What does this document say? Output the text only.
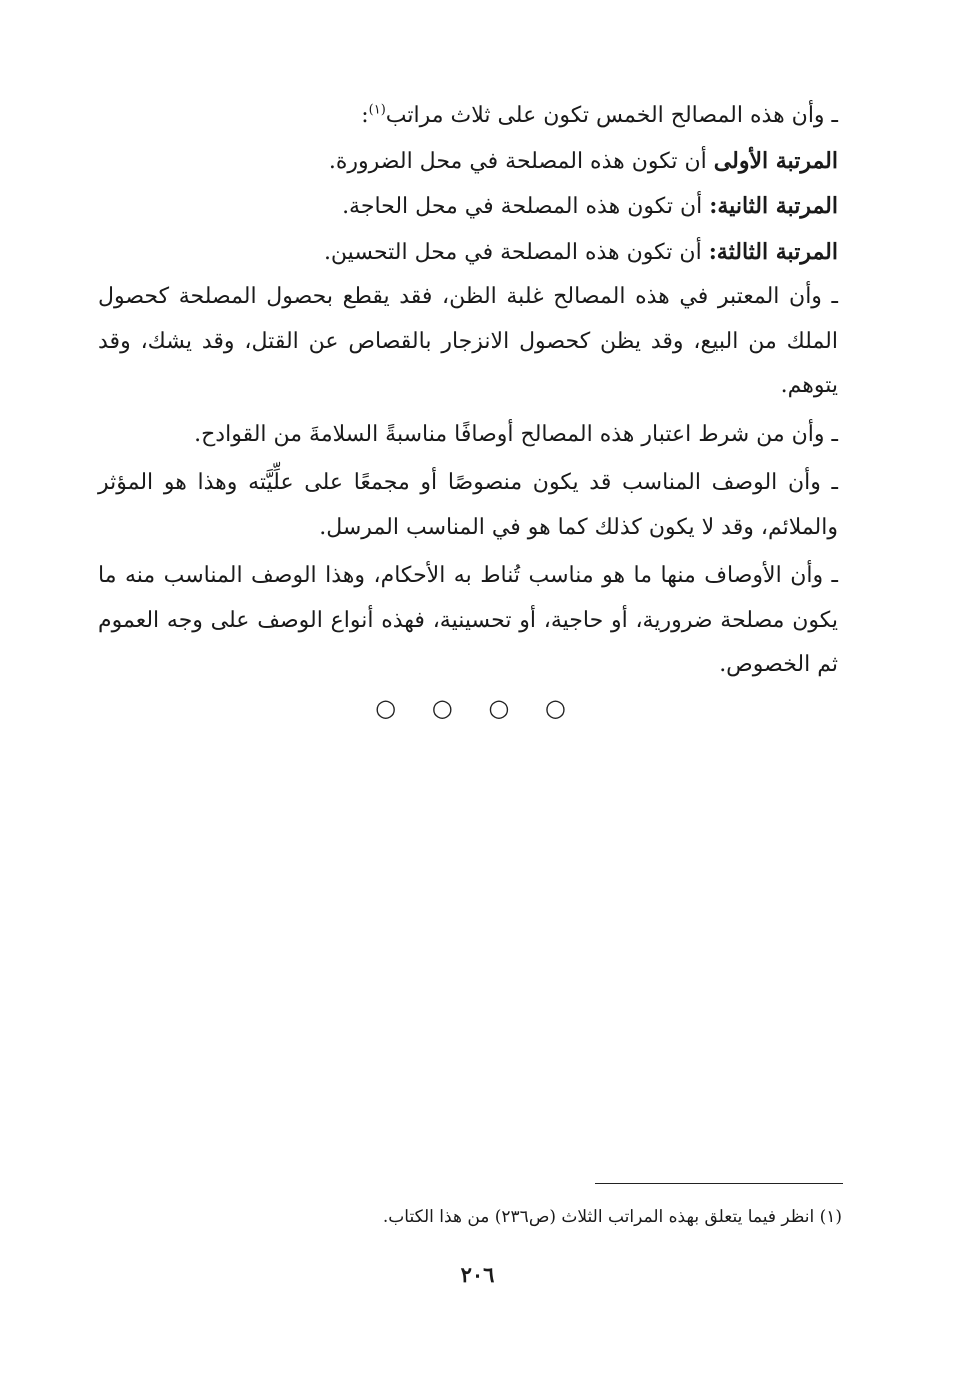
ـ وأن هذه المصالح الخمس تكون على ثلاث مراتب$^{(١)}$:

المرتبة الأولى أن تكون هذه المصلحة في محل الضرورة.

المرتبة الثانية: أن تكون هذه المصلحة في محل الحاجة.

المرتبة الثالثة: أن تكون هذه المصلحة في محل التحسين.

ـ وأن المعتبر في هذه المصالح غلبة الظن، فقد يقطع بحصول المصلحة كحصول الملك من البيع، وقد يظن كحصول الانزجار بالقصاص عن القتل، وقد يشك، وقد يتوهم.

ـ وأن من شرط اعتبار هذه المصالح أوصافًا مناسبةً السلامةَ من القوادح.

ـ وأن الوصف المناسب قد يكون منصوصًا أو مجمعًا على علِّيَّته وهذا هو المؤثر والملائم، وقد لا يكون كذلك كما هو في المناسب المرسل.

ـ وأن الأوصاف منها ما هو مناسب تُناط به الأحكام، وهذا الوصف المناسب منه ما يكون مصلحة ضرورية، أو حاجية، أو تحسينية، فهذه أنواع الوصف على وجه العموم ثم الخصوص.

○ ○ ○ ○
(١) انظر فيما يتعلق بهذه المراتب الثلاث (ص٢٣٦) من هذا الكتاب.
٢٠٦
